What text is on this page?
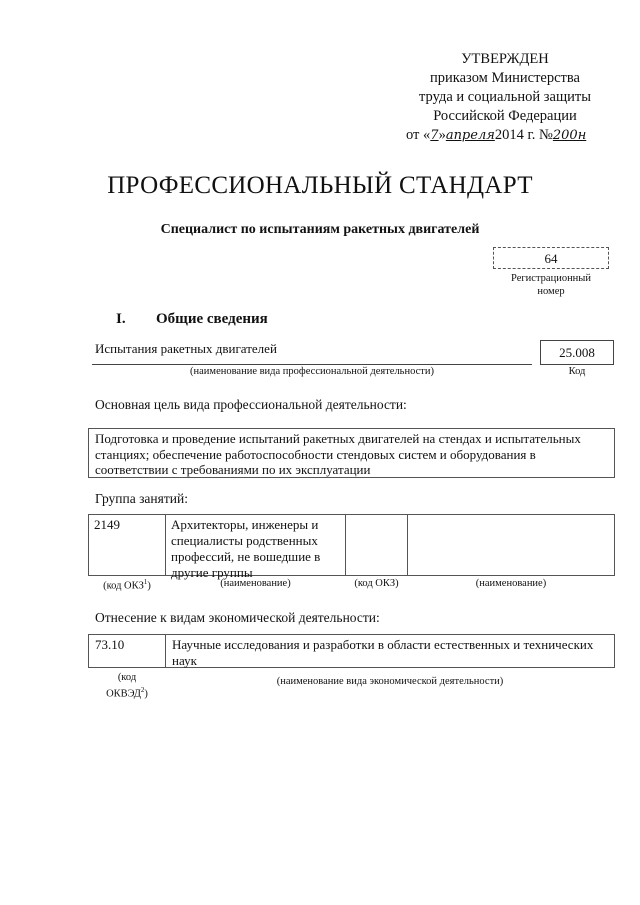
УТВЕРЖДЕН
приказом Министерства
труда и социальной защиты
Российской Федерации
от «7»апреля2014 г. №200н
ПРОФЕССИОНАЛЬНЫЙ СТАНДАРТ
Специалист по испытаниям ракетных двигателей
64
Регистрационный
номер
I. Общие сведения
Испытания ракетных двигателей	25.008
(наименование вида профессиональной деятельности)	Код
Основная цель вида профессиональной деятельности:
Подготовка и проведение испытаний ракетных двигателей на стендах и испытательных станциях; обеспечение работоспособности стендовых систем и оборудования в соответствии с требованиями по их эксплуатации
Группа занятий:
2149	Архитекторы, инженеры и специалисты родственных профессий, не вошедшие в другие группы
(код ОКЗ$^1$)	(наименование)	(код ОКЗ)	(наименование)
Отнесение к видам экономической деятельности:
73.10	Научные исследования и разработки в области естественных и технических наук
(код
ОКВЭД$^2$)
(наименование вида экономической деятельности)
